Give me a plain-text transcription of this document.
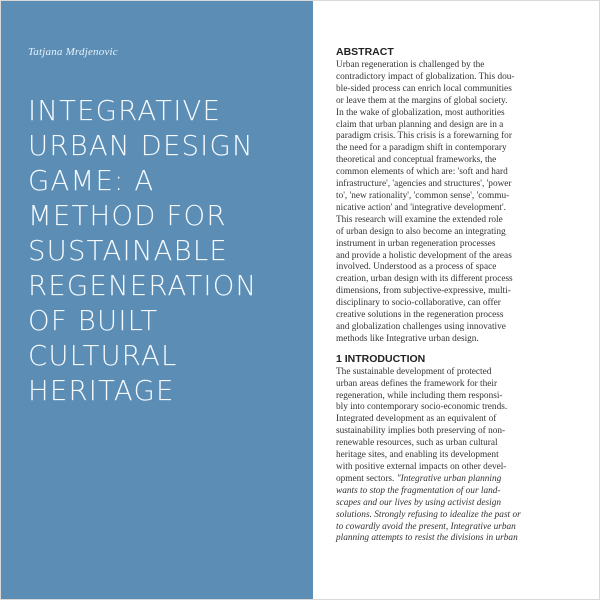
Tatjana Mrdjenovic
INTEGRATIVE
URBAN DESIGN
GAME: A
METHOD FOR
SUSTAINABLE
REGENERATION
OF BUILT
CULTURAL
HERITAGE
ABSTRACT
Urban regeneration is challenged by the
contradictory impact of globalization. This dou-
ble-sided process can enrich local communities
or leave them at the margins of global society.
In the wake of globalization, most authorities
claim that urban planning and design are in a
paradigm crisis. This crisis is a forewarning for
the need for a paradigm shift in contemporary
theoretical and conceptual frameworks, the
common elements of which are: 'soft and hard
infrastructure', 'agencies and structures', 'power
to', 'new rationality', 'common sense', 'commu-
nicative action' and 'integrative development'.
This research will examine the extended role
of urban design to also become an integrating
instrument in urban regeneration processes
and provide a holistic development of the areas
involved. Understood as a process of space
creation, urban design with its different process
dimensions, from subjective-expressive, multi-
disciplinary to socio-collaborative, can offer
creative solutions in the regeneration process
and globalization challenges using innovative
methods like Integrative urban design.
1 INTRODUCTION
The sustainable development of protected
urban areas defines the framework for their
regeneration, while including them responsi-
bly into contemporary socio-economic trends.
Integrated development as an equivalent of
sustainability implies both preserving of non-
renewable resources, such as urban cultural
heritage sites, and enabling its development
with positive external impacts on other devel-
opment sectors. "Integrative urban planning
wants to stop the fragmentation of our land-
scapes and our lives by using activist design
solutions. Strongly refusing to idealize the past or
to cowardly avoid the present, Integrative urban
planning attempts to resist the divisions in urban
